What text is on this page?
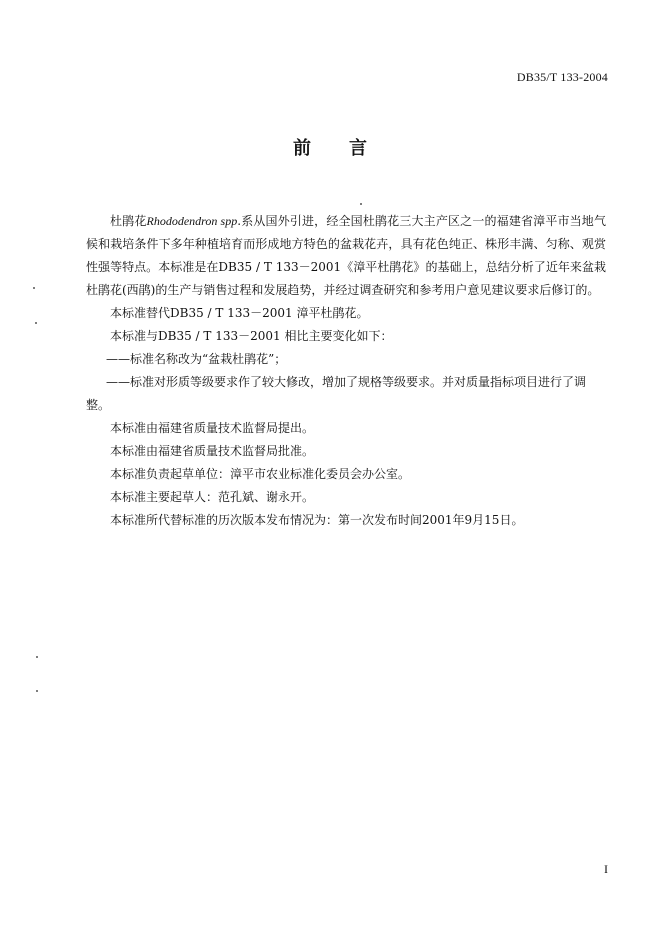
DB35/T 133-2004
前言

杜鹃花Rhododendron spp.系从国外引进，经全国杜鹃花三大主产区之一的福建省漳平市当地气候和栽培条件下多年种植培育而形成地方特色的盆栽花卉，具有花色纯正、株形丰满、匀称、观赏性强等特点。本标准是在DB35 / T 133－2001《漳平杜鹃花》的基础上，总结分析了近年来盆栽杜鹃花(西鹃)的生产与销售过程和发展趋势，并经过调查研究和参考用户意见建议要求后修订的。

本标准替代DB35 / T 133－2001 漳平杜鹃花。

本标准与DB35 / T 133－2001 相比主要变化如下：

——标准名称改为“盆栽杜鹃花”；

——标准对形质等级要求作了较大修改，增加了规格等级要求。并对质量指标项目进行了调整。

本标准由福建省质量技术监督局提出。

本标准由福建省质量技术监督局批准。

本标准负责起草单位：漳平市农业标准化委员会办公室。

本标准主要起草人：范孔斌、谢永开。

本标准所代替标准的历次版本发布情况为：第一次发布时间2001年9月15日。

I
